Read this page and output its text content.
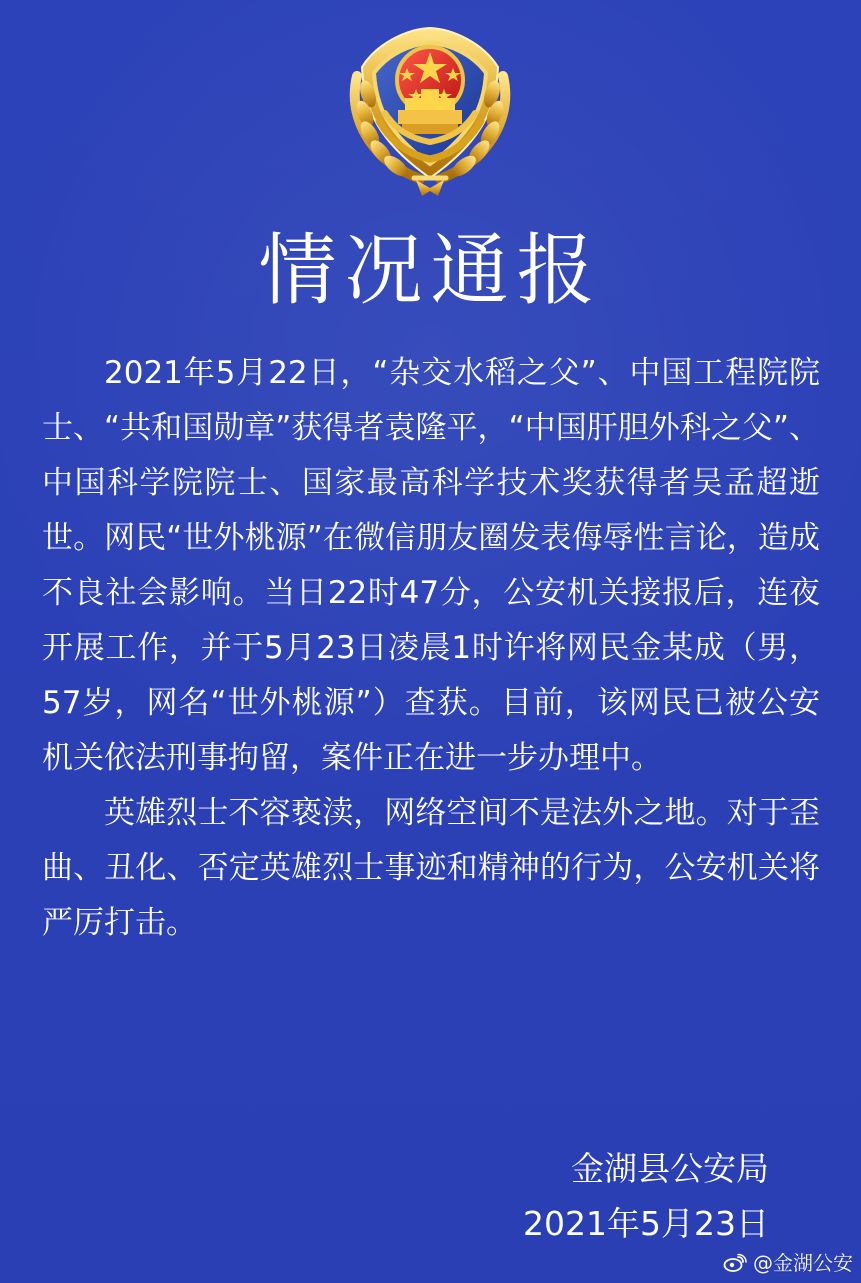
情况通报

2021年5月22日，“杂交水稻之父”、中国工程院院士、“共和国勋章”获得者袁隆平，“中国肝胆外科之父”、中国科学院院士、国家最高科学技术奖获得者吴孟超逝世。网民“世外桃源”在微信朋友圈发表侮辱性言论，造成不良社会影响。当日22时47分，公安机关接报后，连夜开展工作，并于5月23日凌晨1时许将网民金某成（男，57岁，网名“世外桃源”）查获。目前，该网民已被公安机关依法刑事拘留，案件正在进一步办理中。

英雄烈士不容亵渎，网络空间不是法外之地。对于歪曲、丑化、否定英雄烈士事迹和精神的行为，公安机关将严厉打击。

金湖县公安局
2021年5月23日
@金湖公安
